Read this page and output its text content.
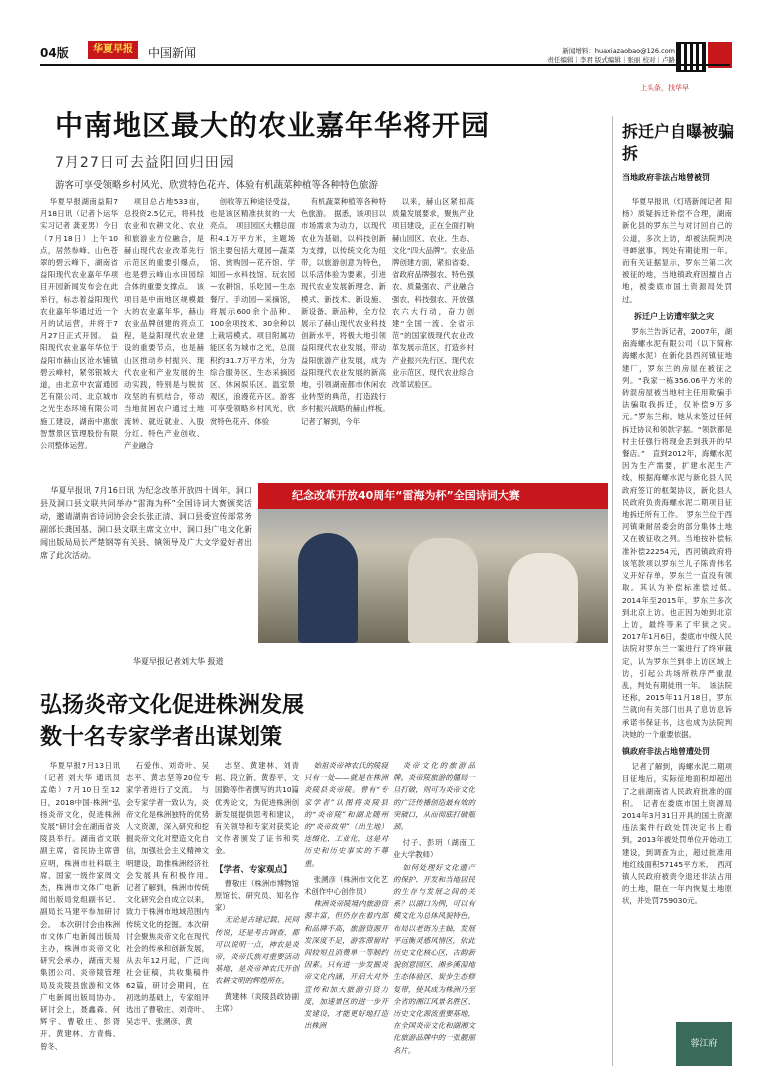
04版	华夏早报	中国新闻	新闻增料：huaxiazaobao@126.com
责任编辑｜李君 版式编辑｜张丽 校对｜卢路
上头条，找华早
中南地区最大的农业嘉年华将开园
7月27日可去益阳回归田园
游客可享受领略乡村风光、欣赏特色花卉、体验有机蔬菜种植等各种特色旅游

华夏早报湖南益阳7月18日讯（记者卜运华 实习记者 龚亚男）今日（7月18日）上午10点，居然参峰、山色苍翠的碧云峰下，湖南省益阳现代农业嘉年华项目开园新闻发布会在此举行，标志着益阳现代农业嘉年华通过近一个月的试运营，并将于7月27日正式开园。　益阳现代农业嘉年华位于益阳市赫山区沧水铺镇碧云峰村，紧邻银城大道，由北京中农富通园艺有限公司、北京城市之光生态环境有限公司施工建设，湖南中惠旅智慧景区管理股份有限公司整体运营。

项目总占地533亩，总投资2.5亿元，将科技农业和农耕文化、农业和旅游业方位融合，是赫山现代农业改革先行示范区的重要引爆点，也是碧云峰山水田园综合体的重要支撑点。　该项目是中南地区规模最大的农业嘉年华，赫山农业品牌创建的亮点工程，是益阳现代农业建设的重要节点，也是赫山区推动乡村振兴、现代农业和产业发展的生动实践，特别是与脱贫攻坚的有机结合，带动当地贫困农户通过土地流转、就近就业、入股分红、特色产业创收、产业融合

创收等五种途径受益，也是该区精准扶贫的一大亮点。　项目园区大棚总面积4.1万平方米，主题场馆主要包括大观园—蔬菜馆、赏购园—花卉馆、学知园—水科技馆、玩农园—农耕馆、乐吃园—生态餐厅、手动园—采摘馆，将展示600余个品种、100余项技术、30余种以上栽培模式。项目附属功能区名为城市之光，总面积约31.7万平方米，分为综合服务区、生态采摘园区、休闲娱乐区、温室景观区，浪漫花卉区。游客可享受领略乡村风光、欣赏特色花卉、体验

有机蔬菜种植等各种特色旅游。　据悉，该项目以市场需求为动力，以现代农业为基础，以科技创新为支撑，以传统文化为纽带，以旅游创意为特色，以乐活体验为要素，引进现代农业发展新理念、新模式、新技术、新设施、新设备、新品种，全方位展示了赫山现代农业科技创新水平，将极大地引领益阳现代农业发展，带动益阳旅游产业发展，成为益阳现代农业发展的新高地，引领湖南都市休闲农业转型的典范，打造践行乡村振兴战略的赫山样板。　记者了解到，今年

以来，赫山区紧扣高质量发展要求，聚焦产业项目建设，正在全面打响赫山园区、农业、生态、文化“四大品牌”。农业品牌创建方面，紧扣省委、省政府品牌强农、特色强农、质量强农、产业融合强农、科技强农、开放强农六大行动，奋力创建“全国一流、全省示范”的国家级现代农业改革发展示范区，打造乡村产业振兴先行区、现代农业示范区、现代农业综合改革试验区。

华夏早报讯 7月16日讯 为纪念改革开放四十周年，洞口县及洞口县文联共同举办“雷海为杯”全国诗词大赛颁奖活动，邀请湖南省诗词协会会长张正清、洞口县委宣传部常务副部长龚国基、洞口县文联主席文立中、洞口县广电文化新闻出版局局长严楚钢等有关县、镇领导及广大文学爱好者出席了此次活动。

纪念改革开放40周年“雷海为杯”全国诗词大赛
华夏早报记者刘大华 报道
弘扬炎帝文化促进株洲发展
数十名专家学者出谋划策

华夏早报7月13日讯（记者 刘大华 通讯员 孟皓）7月10日至12日，2018中国·株洲“弘扬炎帝文化，促进株洲发展”研讨会在湖南省炎陵县举行。湖南省文联副主席，省民协主席曾应明，株洲市社科联主席、国家一级作家周文杰，株洲市文体广电新闻出版局党组副书记、副局长马建平参加研讨会。　本次研讨会由株洲市文体广电新闻出版局主办，株洲市炎帝文化研究会承办，湖南天易集团公司、炎帝陵管理局及炎陵县旅游和文体广电新闻出版局协办。研讨会上，聂鑫森、何辉宇、曹敬庄、彭胥开、黄建林、方青梅、曾冬、

石爱伟、刘奇叶、吴志平、黄志坚等20位专家学者进行了交流。　与会专家学者一致认为，炎帝文化是株洲独特的优势人文资源，深入研究和挖掘炎帝文化对塑造文化自信，加强社会主义精神文明建设，助推株洲经济社会发展具有积极作用。　记者了解到，株洲市传统文化研究会自成立以来，致力于株洲市地域范围内传统文化的挖掘。本次研讨会聚焦炎帝文化在现代社会的传承和创新发展，从去年12月起，广泛向社会征稿，共收集稿件62篇，研讨会期间，在初选的基础上，专家组评选出了曹敬庄、刘奇叶、吴志平、张溯彦、黄

志坚、黄建林、刘青崧、段立新、黄春平、文国勤等作者撰写的共10篇优秀论文，为促进株洲创新发展提供思考和建议，有关领导和专家对获奖论文作者颁发了证书和奖金。

【学者、专家观点】

曹敬庄（株洲市博物馆原馆长、研究员、知名作家）

无论是古建记载、民间传说，还是考古调查，都可以说明一点，神农是炎帝，炎帝氏族对重要活动基地，是炎帝神农氏开创农耕文明的辉煌所在。

黄建林（炎陵县政协副主席）

始祖炎帝神农氏的陵寝只有一处——就是在株洲炎陵县炎帝陵。曾有“专家学者”认图将炎陵县的“炎帝陵”和湖北随州的“炎帝故里”（出生地）连缀化、工业化，这是对历史和历史事实的不尊重。

张溯彦（株洲市文化艺术创作中心创作员）

株洲炎帝陵境内旅游资源丰富，但仍存在着内部和品牌不高，旅游资源开发深度不足，游客滞留时间较短且消费单一等制约因素。只有进一步发掘炎帝文化内涵，开启大对外宣传和加大旅游引资力度，加速景区的进一步开发建设，才能更好地打造出株洲

炎帝文化的旅游品牌。炎帝陵旅游的僵局一旦打破，则可为炎帝文化的广泛传播创造最有效的突破口，从而彻底打破瓶颈。

付子、彭玥（湖南工业大学教师）

如何处理好文化遗产的保护、开发和当地居民的生存与发展之间的关系？以湖口为例，可以有模文化为总体风貌特色，布局以老街为主轴，发展平远衡灵感风情区，依此历史文化核心区，古韵新貌创意园区、湘乡溪湿地生态体验区、炭步生态修复带，使其成为株洲乃至全省的湘江风景名胜区、历史文化源流重要基地，在全国炎帝文化和湖湘文化旅游品牌中的一张靓丽名片。

拆迁户自曝被骗拆
当地政府非法占地曾被罚

华夏早报讯（灯塔新闻记者 阳杨）质疑拆迁补偿不合理，湖南新化县的罗东兰与对讨回自己的公道，多次上访，却被法院判决寻衅滋事，判处有期徒刑一年。而有关证据显示，罗东兰第二次被征的地，当地镇政府因擅自占地，被娄底市国土资源局处罚过。

拆迁户上访遭牢狱之灾

罗东兰告诉记者，2007年，湖南海螺水泥有限公司（以下简称海螺水泥）在新化县西河镇征地建厂，罗东兰的房屋在被征之列。“我家一栋356.06平方米的砖混房屋被当地村主任用欺骗手法骗取我拆迁，仅补偿9万多元。”罗东兰称。她从未签过任何拆迁协议和领款字据。“领款都是村主任强行将现金丢到我开的早餐店。”　直到2012年，海螺水泥因为生产需要，扩建水泥生产线，根据海螺水泥与新化县人民政府签订的框架协议，新化县人民政府负责海螺水泥二期项目征地拆迁所有工作。　罗东兰位于西河镇秉耐居委会的部分集体土地又在被征收之列。当地按补偿标准补偿22254元，西河镇政府将该笔款项以罗东兰儿子陈青伟名义开好存单，罗东兰一直没有领取。其认为补偿标准偿过低。　2014年至2015年，罗东兰多次到北京上访。也正因为她到北京上访，最终等来了牢狱之灾。　2017年1月6日，娄底市中级人民法院对罗东兰一案进行了终审裁定，认为罗东兰到非上访区域上访，引起公共场所秩序严重混乱，判处有期徒刑一年。　该法院还称，2015年11月18日，罗东兰就向有关部门出具了息访息诉承诺书保证书，这也成为法院判决她的一个重要依据。

镇政府非法占地曾遭处罚

记者了解到，海螺水泥二期项目征地后，实际征地面积却超出了之前湖南省人民政府批准的面积。　记者在娄底市国土资源局2014年3月31日开具的国土资源违法案件行政处罚决定书上看到，2013年被处罚单位开始动工建设，到调查为止，超过批准用地红线面积57145平方米。　西河镇人民政府被责令退还非法占用的土地，限在一年内恢复土地原状，并处罚759030元。

蓉江府
